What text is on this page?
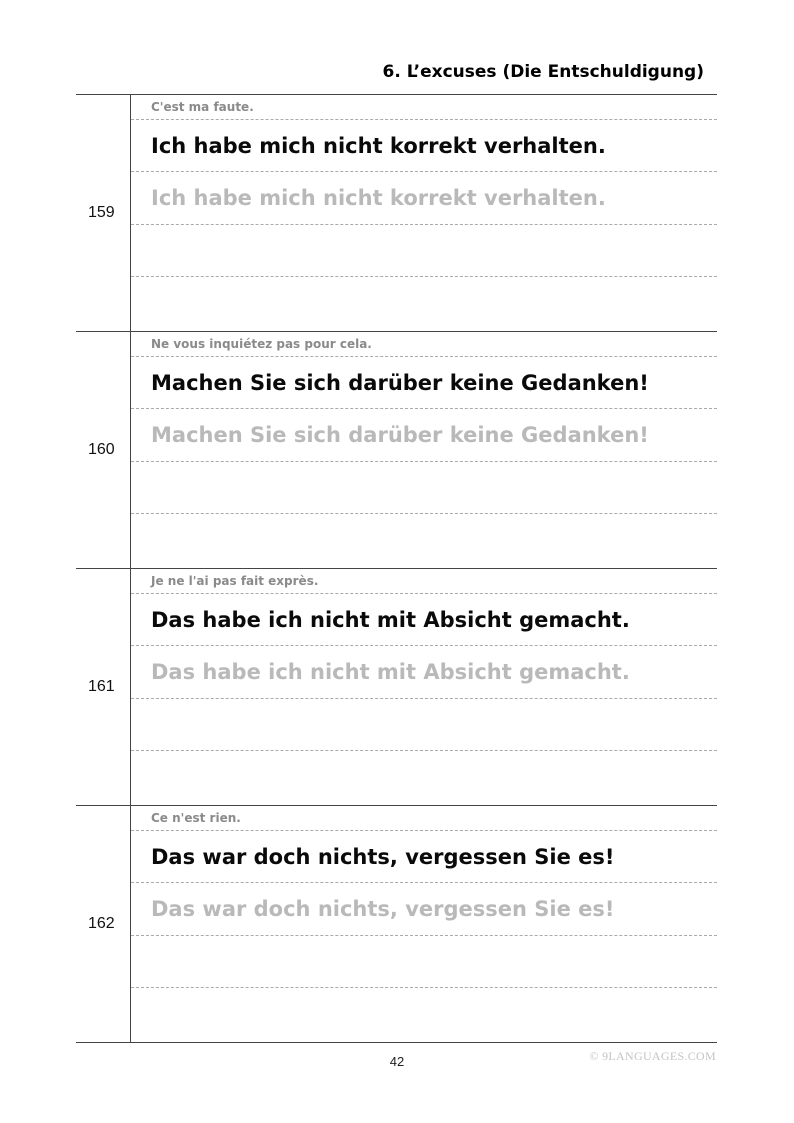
6. L’excuses (Die Entschuldigung)
159
C'est ma faute.
Ich habe mich nicht korrekt verhalten.
Ich habe mich nicht korrekt verhalten.
160
Ne vous inquiétez pas pour cela.
Machen Sie sich darüber keine Gedanken!
Machen Sie sich darüber keine Gedanken!
161
Je ne l'ai pas fait exprès.
Das habe ich nicht mit Absicht gemacht.
Das habe ich nicht mit Absicht gemacht.
162
Ce n'est rien.
Das war doch nichts, vergessen Sie es!
Das war doch nichts, vergessen Sie es!
42	© 9LANGUAGES.COM
